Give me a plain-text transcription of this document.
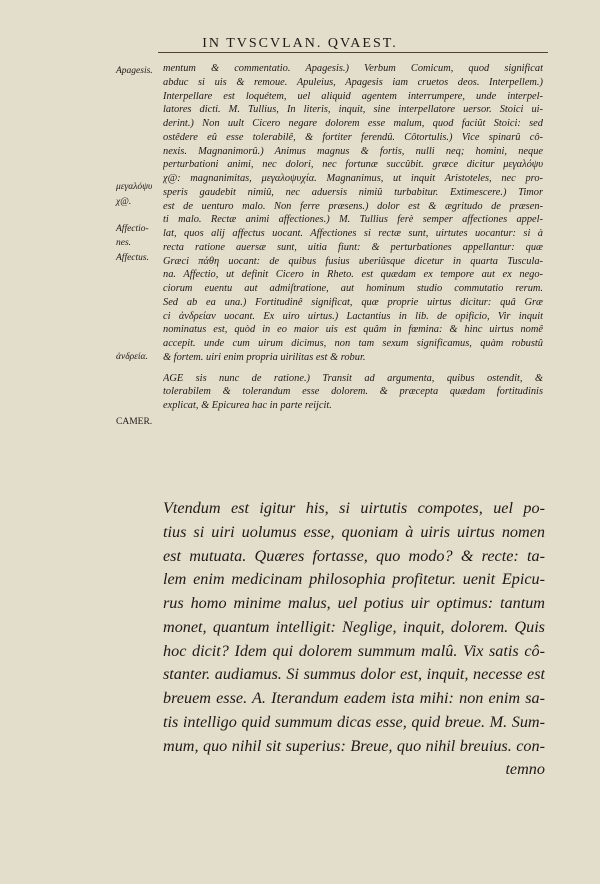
IN TVSCVLAN. QVAEST.
Apagesis.
μεγαλόψυ
χ@.
Affectio-
nes.
Affectus.
ἀνδρεία.
CAMER.
mentum & commentatio. Apagesis.) Verbum Comicum, quod significat
abduc si uis & remoue. Apuleius, Apagesis iam cruetos deos. Interpellem.)
Interpellare est loquétem, uel aliquid agentem interrumpere, unde interpel-
latores dicti. M. Tullius, In literis, inquit, sine interpellatore uersor. Stoici ui-
derint.) Non uult Cicero negare dolorem esse malum, quod faciût Stoici: sed
ostêdere eû esse tolerabilê, & fortiter ferendû. Côtortulis.) Vice spinarû cô-
nexis. Magnanimorû.) Animus magnus & fortis, nulli neq; homini, neque
perturbationi animi, nec dolori, nec fortunæ succûbit. græce dicitur μεγαλόψυ
χ@: magnanimitas, μεγαλοψυχία. Magnanimus, ut inquit Aristoteles, nec pro-
speris gaudebit nimiû, nec aduersis nimiû turbabitur. Extimescere.) Timor
est de uenturo malo. Non ferre præsens.) dolor est & ægritudo de præsen-
ti malo. Rectæ animi affectiones.) M. Tullius ferè semper affectiones appel-
lat, quos alij affectus uocant. Affectiones si rectæ sunt, uirtutes uocantur: si à
recta ratione auersæ sunt, uitia fiunt: & perturbationes appellantur: quæ
Græci πάθη uocant: de quibus fusius uberiûsque dicetur in quarta Tuscula-
na. Affectio, ut definit Cicero in Rheto. est quædam ex tempore aut ex nego-
ciorum euentu aut admiſtratione, aut hominum studio commutatio rerum.
Sed ab ea una.) Fortitudinê significat, quæ proprie uirtus dicitur: quâ Græ
ci ἀνδρείαν uocant. Ex uiro uirtus.) Lactantius in lib. de opificio, Vir inquit
nominatus est, quòd in eo maior uis est quâm in fœmina: & hinc uirtus nomê
accepit. unde cum uirum dicimus, non tam sexum significamus, quàm robustû
& fortem. uiri enim propria uirilitas est & robur.
AGE sis nunc de ratione.) Transit ad argumenta, quibus ostendit, &
tolerabilem & tolerandum esse dolorem. & præcepta quædam fortitudinis
explicat, & Epicurea hac in parte reijcit.
Vtendum est igitur his, si uirtutis compotes, uel po-
tius si uiri uolumus esse, quoniam à uiris uirtus nomen
est mutuata. Quæres fortasse, quo modo? & recte: ta-
lem enim medicinam philosophia profitetur. uenit Epicu-
rus homo minime malus, uel potius uir optimus: tantum
monet, quantum intelligit: Neglige, inquit, dolorem. Quis
hoc dicit? Idem qui dolorem summum malû. Vix satis cô-
stanter. audiamus. Si summus dolor est, inquit, necesse est
breuem esse. A. Iterandum eadem ista mihi: non enim sa-
tis intelligo quid summum dicas esse, quid breue. M. Sum-
mum, quo nihil sit superius: Breue, quo nihil breuius. con-
temno
